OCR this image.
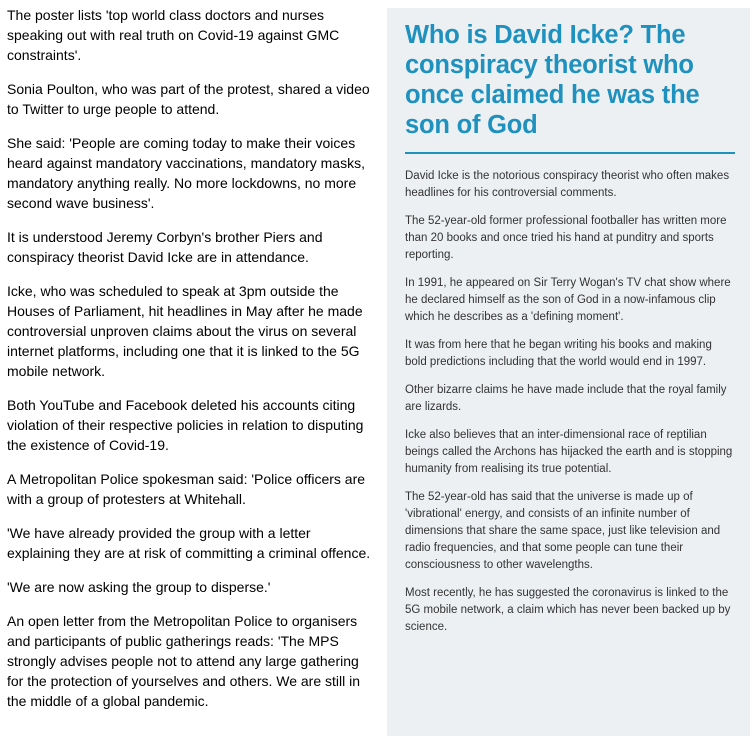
The poster lists 'top world class doctors and nurses speaking out with real truth on Covid-19 against GMC constraints'.

Sonia Poulton, who was part of the protest, shared a video to Twitter to urge people to attend.

She said: 'People are coming today to make their voices heard against mandatory vaccinations, mandatory masks, mandatory anything really. No more lockdowns, no more second wave business'.

It is understood Jeremy Corbyn's brother Piers and conspiracy theorist David Icke are in attendance.

Icke, who was scheduled to speak at 3pm outside the Houses of Parliament, hit headlines in May after he made controversial unproven claims about the virus on several internet platforms, including one that it is linked to the 5G mobile network.

Both YouTube and Facebook deleted his accounts citing violation of their respective policies in relation to disputing the existence of Covid-19.

A Metropolitan Police spokesman said: 'Police officers are with a group of protesters at Whitehall.

'We have already provided the group with a letter explaining they are at risk of committing a criminal offence.

'We are now asking the group to disperse.'

An open letter from the Metropolitan Police to organisers and participants of public gatherings reads: 'The MPS strongly advises people not to attend any large gathering for the protection of yourselves and others. We are still in the middle of a global pandemic.

Who is David Icke? The conspiracy theorist who once claimed he was the son of God

David Icke is the notorious conspiracy theorist who often makes headlines for his controversial comments.

The 52-year-old former professional footballer has written more than 20 books and once tried his hand at punditry and sports reporting.

In 1991, he appeared on Sir Terry Wogan's TV chat show where he declared himself as the son of God in a now-infamous clip which he describes as a 'defining moment'.

It was from here that he began writing his books and making bold predictions including that the world would end in 1997.

Other bizarre claims he have made include that the royal family are lizards.

Icke also believes that an inter-dimensional race of reptilian beings called the Archons has hijacked the earth and is stopping humanity from realising its true potential.

The 52-year-old has said that the universe is made up of 'vibrational' energy, and consists of an infinite number of dimensions that share the same space, just like television and radio frequencies, and that some people can tune their consciousness to other wavelengths.

Most recently, he has suggested the coronavirus is linked to the 5G mobile network, a claim which has never been backed up by science.
